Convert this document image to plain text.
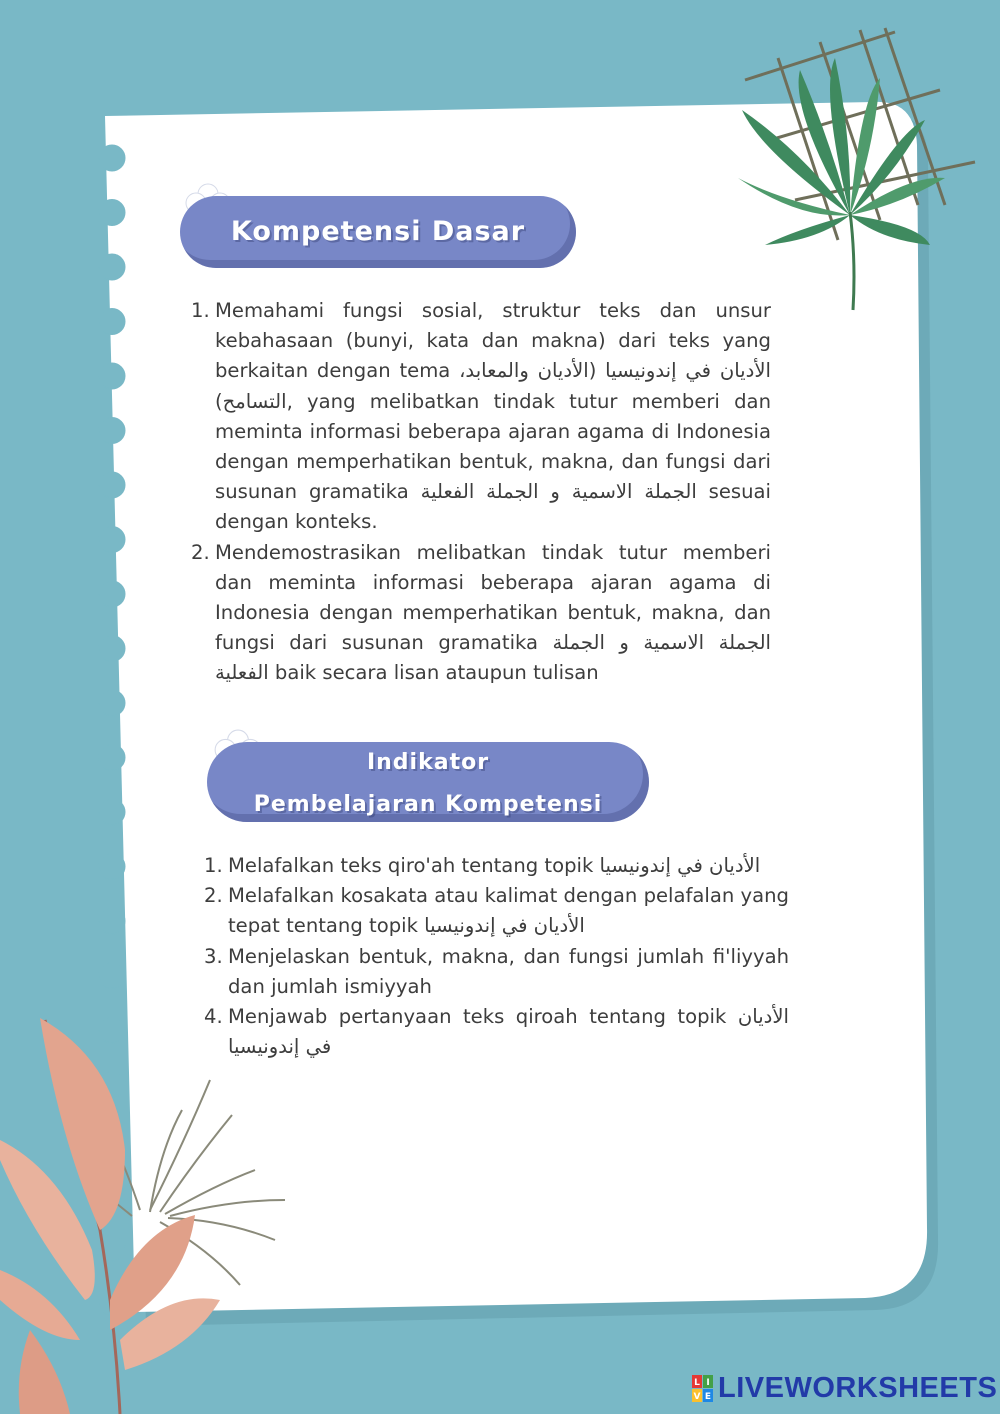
Kompetensi Dasar
1. Memahami fungsi sosial, struktur teks dan unsur kebahasaan (bunyi, kata dan makna) dari teks yang berkaitan dengan tema الأديان في إندونيسيا (الأديان والمعابد، التسامح), yang melibatkan tindak tutur memberi dan meminta informasi beberapa ajaran agama di Indonesia dengan memperhatikan bentuk, makna, dan fungsi dari susunan gramatika الجملة الاسمية و الجملة الفعلية sesuai dengan konteks.
2. Mendemostrasikan melibatkan tindak tutur memberi dan meminta informasi beberapa ajaran agama di Indonesia dengan memperhatikan bentuk, makna, dan fungsi dari susunan gramatika الجملة الاسمية و الجملة الفعلية baik secara lisan ataupun tulisan
Indikator
Pembelajaran Kompetensi
1. Melafalkan teks qiro'ah tentang topik الأديان في إندونيسيا
2. Melafalkan kosakata atau kalimat dengan pelafalan yang tepat tentang topik الأديان في إندونيسيا
3. Menjelaskan bentuk, makna, dan fungsi jumlah fi'liyyah dan jumlah ismiyyah
4. Menjawab pertanyaan teks qiroah tentang topik الأديان في إندونيسيا
L I
V E LIVEWORKSHEETS
